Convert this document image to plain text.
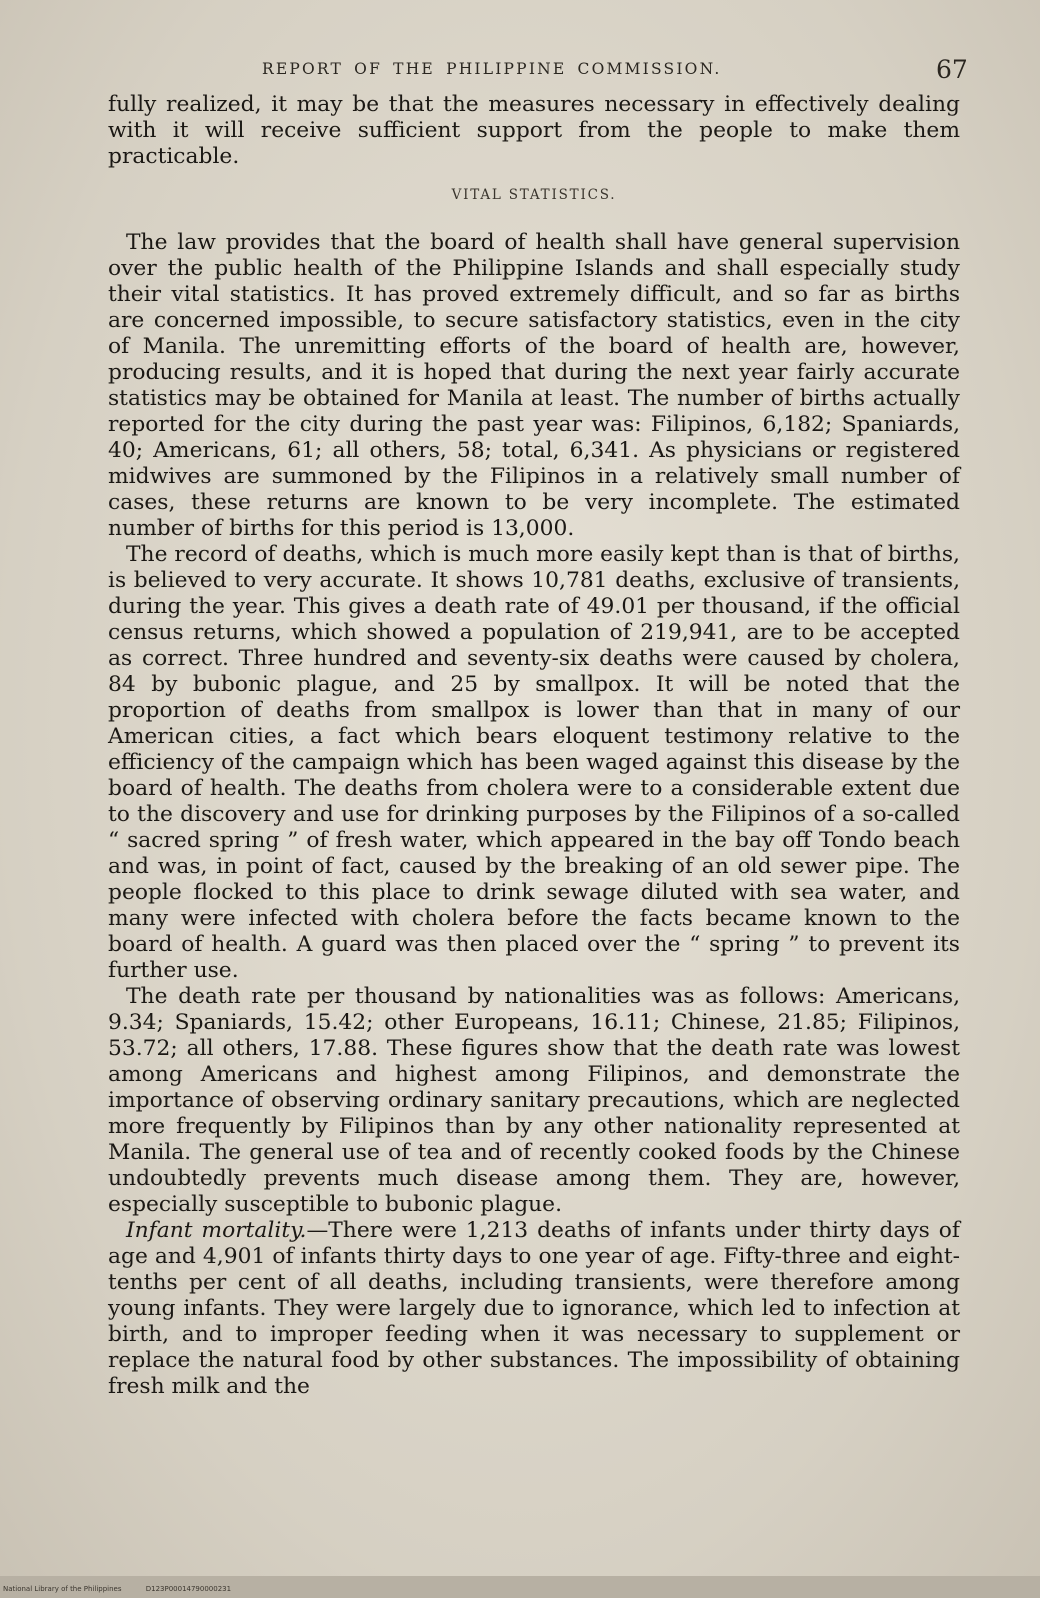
REPORT OF THE PHILIPPINE COMMISSION.	67

fully realized, it may be that the measures necessary in effectively dealing with it will receive sufficient support from the people to make them practicable.

VITAL STATISTICS.

The law provides that the board of health shall have general supervision over the public health of the Philippine Islands and shall especially study their vital statistics. It has proved extremely difficult, and so far as births are concerned impossible, to secure satisfactory statistics, even in the city of Manila. The unremitting efforts of the board of health are, however, producing results, and it is hoped that during the next year fairly accurate statistics may be obtained for Manila at least. The number of births actually reported for the city during the past year was: Filipinos, 6,182; Spaniards, 40; Americans, 61; all others, 58; total, 6,341. As physicians or registered midwives are summoned by the Filipinos in a relatively small number of cases, these returns are known to be very incomplete. The estimated number of births for this period is 13,000.

The record of deaths, which is much more easily kept than is that of births, is believed to very accurate. It shows 10,781 deaths, exclusive of transients, during the year. This gives a death rate of 49.01 per thousand, if the official census returns, which showed a population of 219,941, are to be accepted as correct. Three hundred and seventy-six deaths were caused by cholera, 84 by bubonic plague, and 25 by smallpox. It will be noted that the proportion of deaths from smallpox is lower than that in many of our American cities, a fact which bears eloquent testimony relative to the efficiency of the campaign which has been waged against this disease by the board of health. The deaths from cholera were to a considerable extent due to the discovery and use for drinking purposes by the Filipinos of a so-called “ sacred spring ” of fresh water, which appeared in the bay off Tondo beach and was, in point of fact, caused by the breaking of an old sewer pipe. The people flocked to this place to drink sewage diluted with sea water, and many were infected with cholera before the facts became known to the board of health. A guard was then placed over the “ spring ” to prevent its further use.

The death rate per thousand by nationalities was as follows: Americans, 9.34; Spaniards, 15.42; other Europeans, 16.11; Chinese, 21.85; Filipinos, 53.72; all others, 17.88. These figures show that the death rate was lowest among Americans and highest among Filipinos, and demonstrate the importance of observing ordinary sanitary precautions, which are neglected more frequently by Filipinos than by any other nationality represented at Manila. The general use of tea and of recently cooked foods by the Chinese undoubtedly prevents much disease among them. They are, however, especially susceptible to bubonic plague.

Infant mortality.—There were 1,213 deaths of infants under thirty days of age and 4,901 of infants thirty days to one year of age. Fifty-three and eight-tenths per cent of all deaths, including transients, were therefore among young infants. They were largely due to ignorance, which led to infection at birth, and to improper feeding when it was necessary to supplement or replace the natural food by other substances. The impossibility of obtaining fresh milk and the

National Library of the Philippines	D123P00014790000231
